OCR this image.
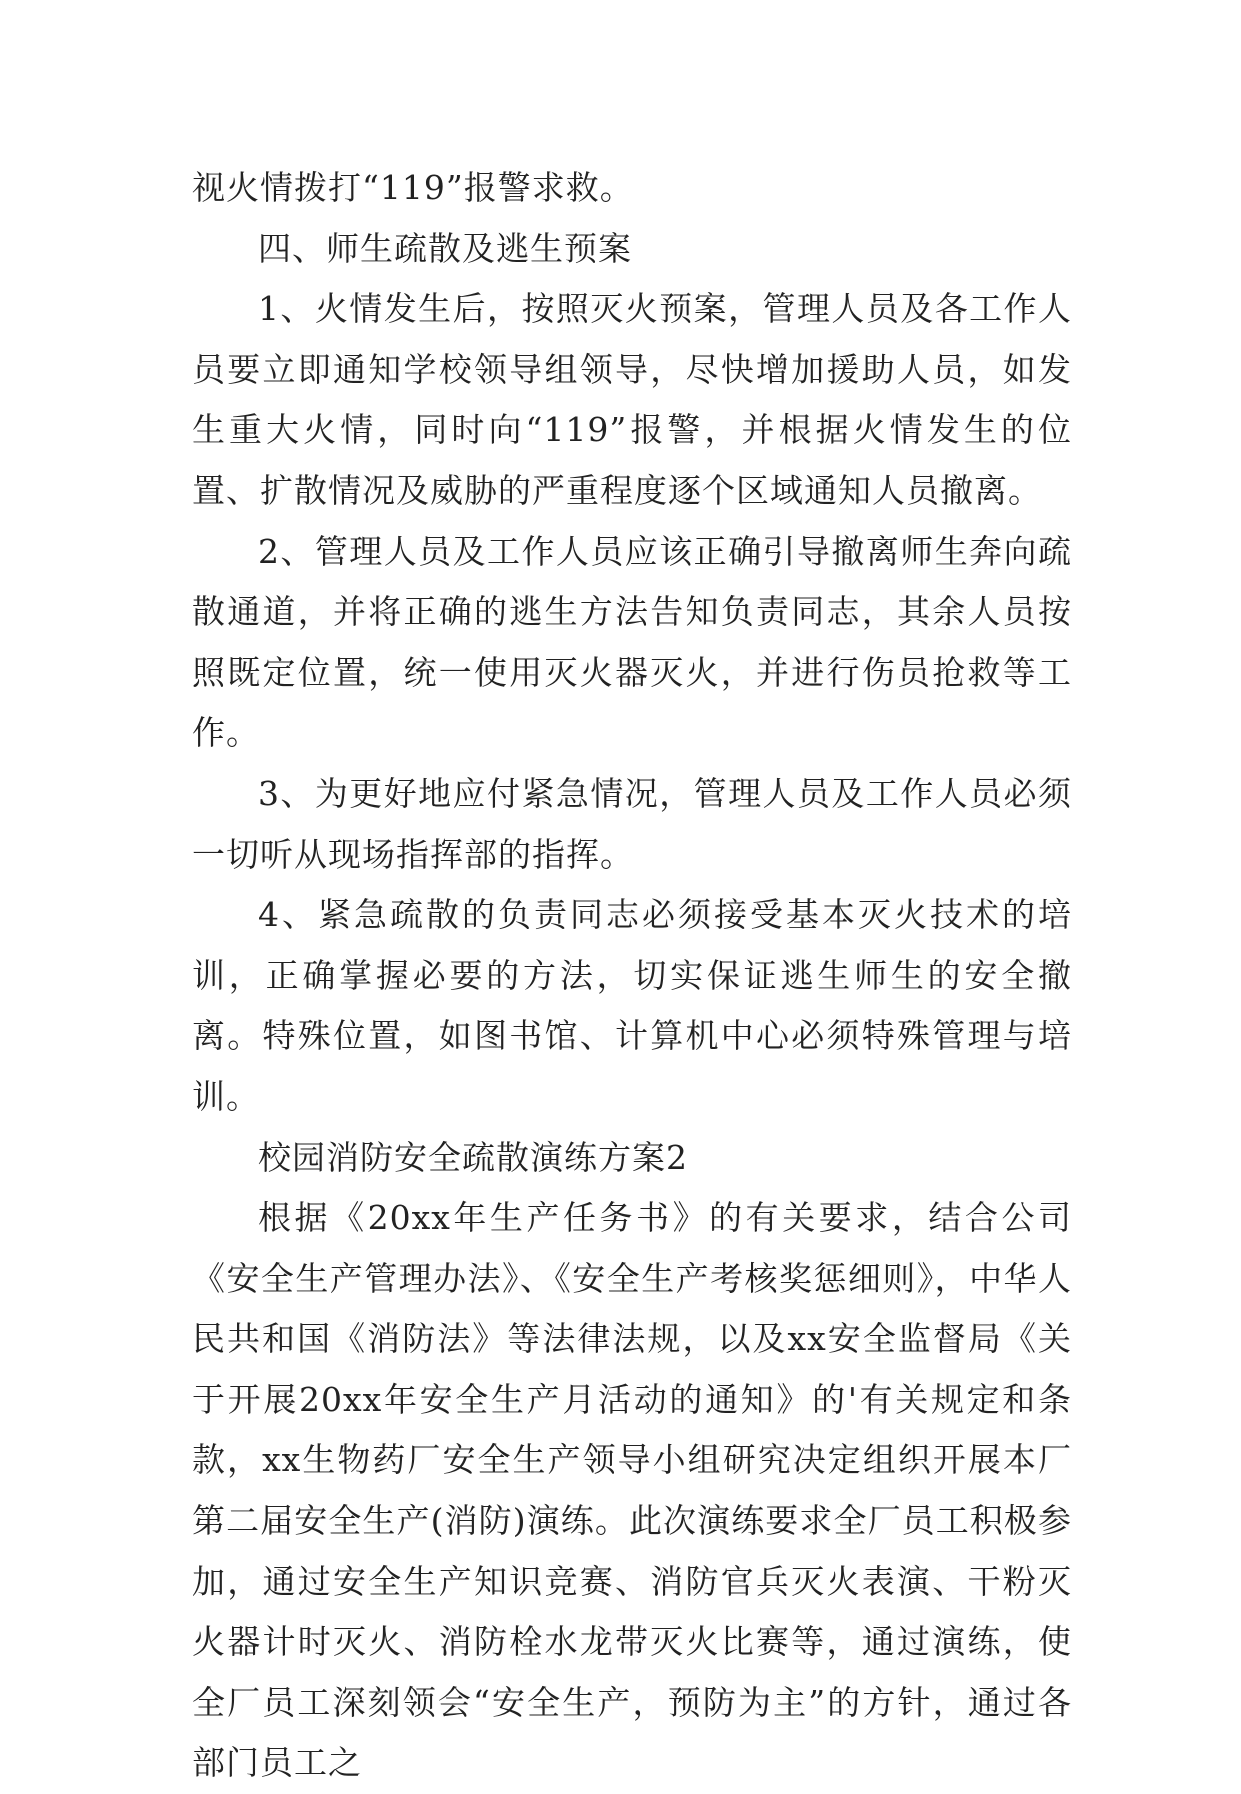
视火情拨打“119”报警求救。

四、师生疏散及逃生预案

1、火情发生后，按照灭火预案，管理人员及各工作人员要立即通知学校领导组领导，尽快增加援助人员，如发生重大火情，同时向“119”报警，并根据火情发生的位置、扩散情况及威胁的严重程度逐个区域通知人员撤离。

2、管理人员及工作人员应该正确引导撤离师生奔向疏散通道，并将正确的逃生方法告知负责同志，其余人员按照既定位置，统一使用灭火器灭火，并进行伤员抢救等工作。

3、为更好地应付紧急情况，管理人员及工作人员必须一切听从现场指挥部的指挥。

4、紧急疏散的负责同志必须接受基本灭火技术的培训，正确掌握必要的方法，切实保证逃生师生的安全撤离。特殊位置，如图书馆、计算机中心必须特殊管理与培训。

校园消防安全疏散演练方案2

根据《20xx年生产任务书》的有关要求，结合公司《安全生产管理办法》、《安全生产考核奖惩细则》，中华人民共和国《消防法》等法律法规，以及xx安全监督局《关于开展20xx年安全生产月活动的通知》的'有关规定和条款，xx生物药厂安全生产领导小组研究决定组织开展本厂第二届安全生产(消防)演练。此次演练要求全厂员工积极参加，通过安全生产知识竞赛、消防官兵灭火表演、干粉灭火器计时灭火、消防栓水龙带灭火比赛等，通过演练，使全厂员工深刻领会“安全生产，预防为主”的方针，通过各部门员工之
